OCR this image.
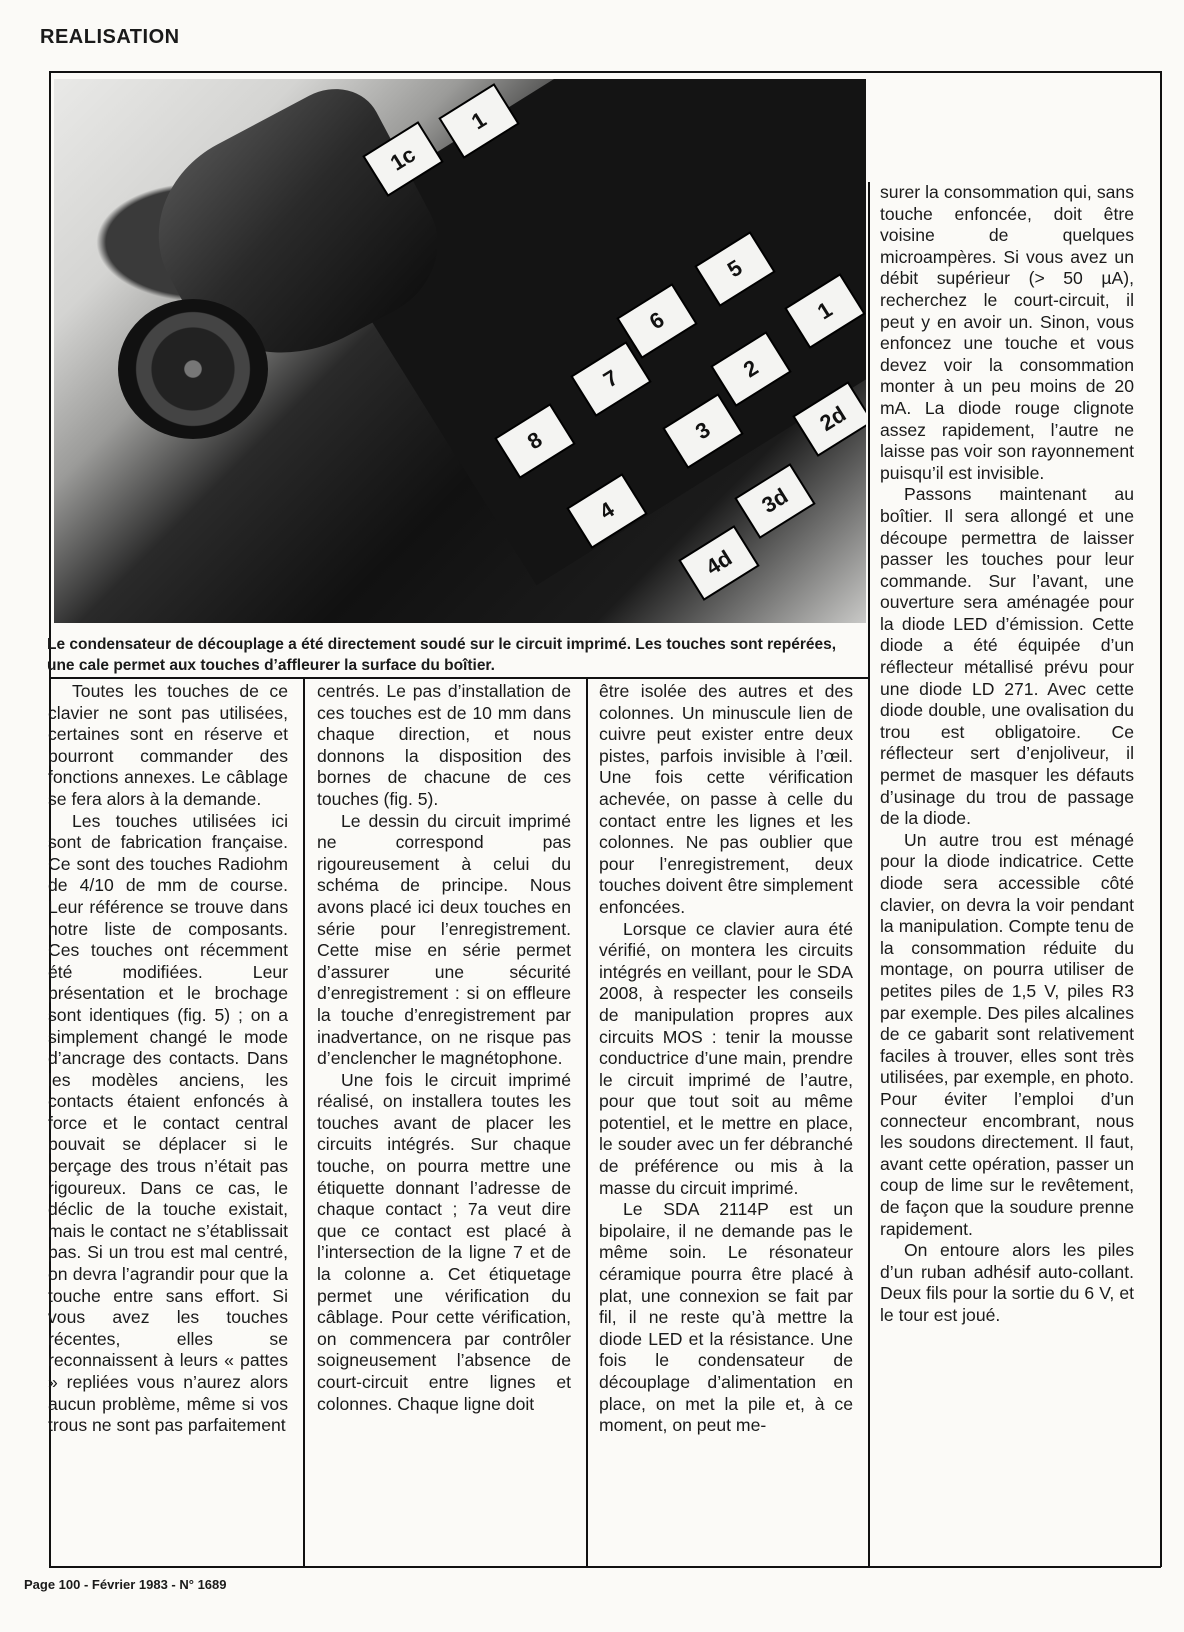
REALISATION
1
1c
5
1
6
2
7
3
8
4	3d
4d
2d
Le condensateur de découplage a été directement soudé sur le circuit imprimé. Les touches sont repérées, une cale permet aux touches d’affleurer la surface du boîtier.

Toutes les touches de ce clavier ne sont pas utilisées, certaines sont en réserve et pourront commander des fonctions annexes. Le câblage se fera alors à la demande.

Les touches utilisées ici sont de fabrication française. Ce sont des touches Radiohm de 4/10 de mm de course. Leur référence se trouve dans notre liste de composants. Ces touches ont récemment été modifiées. Leur présentation et le brochage sont identiques (fig. 5) ; on a simplement changé le mode d’ancrage des contacts. Dans les modèles anciens, les contacts étaient enfoncés à force et le contact central pouvait se déplacer si le perçage des trous n’était pas rigoureux. Dans ce cas, le déclic de la touche existait, mais le contact ne s’établissait pas. Si un trou est mal centré, on devra l’agrandir pour que la touche entre sans effort. Si vous avez les touches récentes, elles se reconnaissent à leurs « pattes » repliées vous n’aurez alors aucun problème, même si vos trous ne sont pas parfaitement

centrés. Le pas d’installation de ces touches est de 10 mm dans chaque direction, et nous donnons la disposition des bornes de chacune de ces touches (fig. 5).

Le dessin du circuit imprimé ne correspond pas rigoureusement à celui du schéma de principe. Nous avons placé ici deux touches en série pour l’enregistrement. Cette mise en série permet d’assurer une sécurité d’enregistrement : si on effleure la touche d’enregistrement par inadvertance, on ne risque pas d’enclencher le magnétophone.

Une fois le circuit imprimé réalisé, on installera toutes les touches avant de placer les circuits intégrés. Sur chaque touche, on pourra mettre une étiquette donnant l’adresse de chaque contact ; 7a veut dire que ce contact est placé à l’intersection de la ligne 7 et de la colonne a. Cet étiquetage permet une vérification du câblage. Pour cette vérification, on commencera par contrôler soigneusement l’absence de court-circuit entre lignes et colonnes. Chaque ligne doit

être isolée des autres et des colonnes. Un minuscule lien de cuivre peut exister entre deux pistes, parfois invisible à l’œil. Une fois cette vérification achevée, on passe à celle du contact entre les lignes et les colonnes. Ne pas oublier que pour l’enregistrement, deux touches doivent être simplement enfoncées.

Lorsque ce clavier aura été vérifié, on montera les circuits intégrés en veillant, pour le SDA 2008, à respecter les conseils de manipulation propres aux circuits MOS : tenir la mousse conductrice d’une main, prendre le circuit imprimé de l’autre, pour que tout soit au même potentiel, et le mettre en place, le souder avec un fer débranché de préférence ou mis à la masse du circuit imprimé.

Le SDA 2114P est un bipolaire, il ne demande pas le même soin. Le résonateur céramique pourra être placé à plat, une connexion se fait par fil, il ne reste qu’à mettre la diode LED et la résistance. Une fois le condensateur de découplage d’alimentation en place, on met la pile et, à ce moment, on peut me-

surer la consommation qui, sans touche enfoncée, doit être voisine de quelques microampères. Si vous avez un débit supérieur (> 50 µA), recherchez le court-circuit, il peut y en avoir un. Sinon, vous enfoncez une touche et vous devez voir la consommation monter à un peu moins de 20 mA. La diode rouge clignote assez rapidement, l’autre ne laisse pas voir son rayonnement puisqu’il est invisible.

Passons maintenant au boîtier. Il sera allongé et une découpe permettra de laisser passer les touches pour leur commande. Sur l’avant, une ouverture sera aménagée pour la diode LED d’émission. Cette diode a été équipée d’un réflecteur métallisé prévu pour une diode LD 271. Avec cette diode double, une ovalisation du trou est obligatoire. Ce réflecteur sert d’enjoliveur, il permet de masquer les défauts d’usinage du trou de passage de la diode.

Un autre trou est ménagé pour la diode indicatrice. Cette diode sera accessible côté clavier, on devra la voir pendant la manipulation. Compte tenu de la consommation réduite du montage, on pourra utiliser de petites piles de 1,5 V, piles R3 par exemple. Des piles alcalines de ce gabarit sont relativement faciles à trouver, elles sont très utilisées, par exemple, en photo. Pour éviter l’emploi d’un connecteur encombrant, nous les soudons directement. Il faut, avant cette opération, passer un coup de lime sur le revêtement, de façon que la soudure prenne rapidement.

On entoure alors les piles d’un ruban adhésif auto-collant. Deux fils pour la sortie du 6 V, et le tour est joué.

Page 100 - Février 1983 - N° 1689
